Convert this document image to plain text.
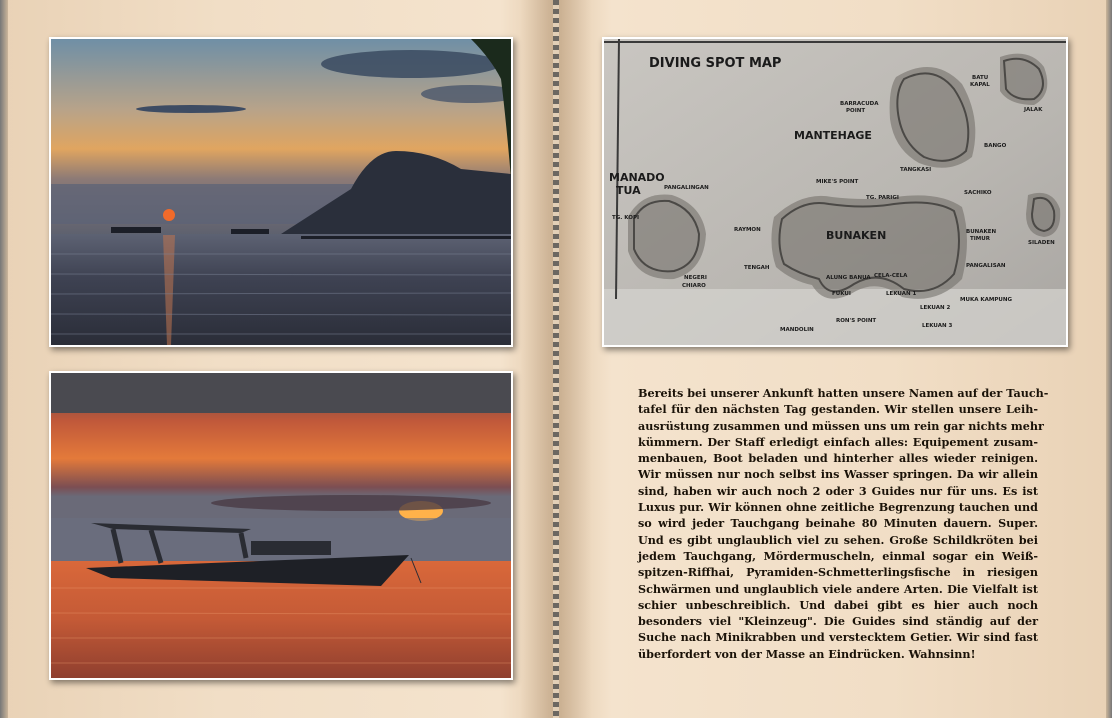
DIVING SPOT MAP
MANTEHAGE
MANADO
TUA
BUNAKEN
BATU
KAPAL
JALAK
BARRACUDA
POINT
BANGO
TANGKASI
MIKE'S POINT
PANGALINGAN
TG. PARIGI
SACHIKO
TG. KOPI
RAYMON	BUNAKEN
TIMUR
SILADEN
TENGAH
NEGERI	ALUNG BANUA CELA-CELA
PANGALISAN
FUKUI	LEKUAN 1
MUKA KAMPUNG
RON'S POINT
LEKUAN 2
MANDOLIN
LEKUAN 3
CHIARO
Bereits bei unserer Ankunft hatten unsere Namen auf der Tauch-
tafel für den nächsten Tag gestanden. Wir stellen unsere Leih-
ausrüstung zusammen und müssen uns um rein gar nichts mehr
kümmern. Der Staff erledigt einfach alles: Equipement zusam-
menbauen, Boot beladen und hinterher alles wieder reinigen.
Wir müssen nur noch selbst ins Wasser springen. Da wir allein
sind, haben wir auch noch 2 oder 3 Guides nur für uns. Es ist
Luxus pur. Wir können ohne zeitliche Begrenzung tauchen und
so wird jeder Tauchgang beinahe 80 Minuten dauern. Super.
Und es gibt unglaublich viel zu sehen. Große Schildkröten bei
jedem Tauchgang, Mördermuscheln, einmal sogar ein Weiß-
spitzen-Riffhai, Pyramiden-Schmetterlingsfische in riesigen
Schwärmen und unglaublich viele andere Arten. Die Vielfalt ist
schier unbeschreiblich. Und dabei gibt es hier auch noch
besonders viel "Kleinzeug". Die Guides sind ständig auf der
Suche nach Minikrabben und verstecktem Getier. Wir sind fast
überfordert von der Masse an Eindrücken. Wahnsinn!
